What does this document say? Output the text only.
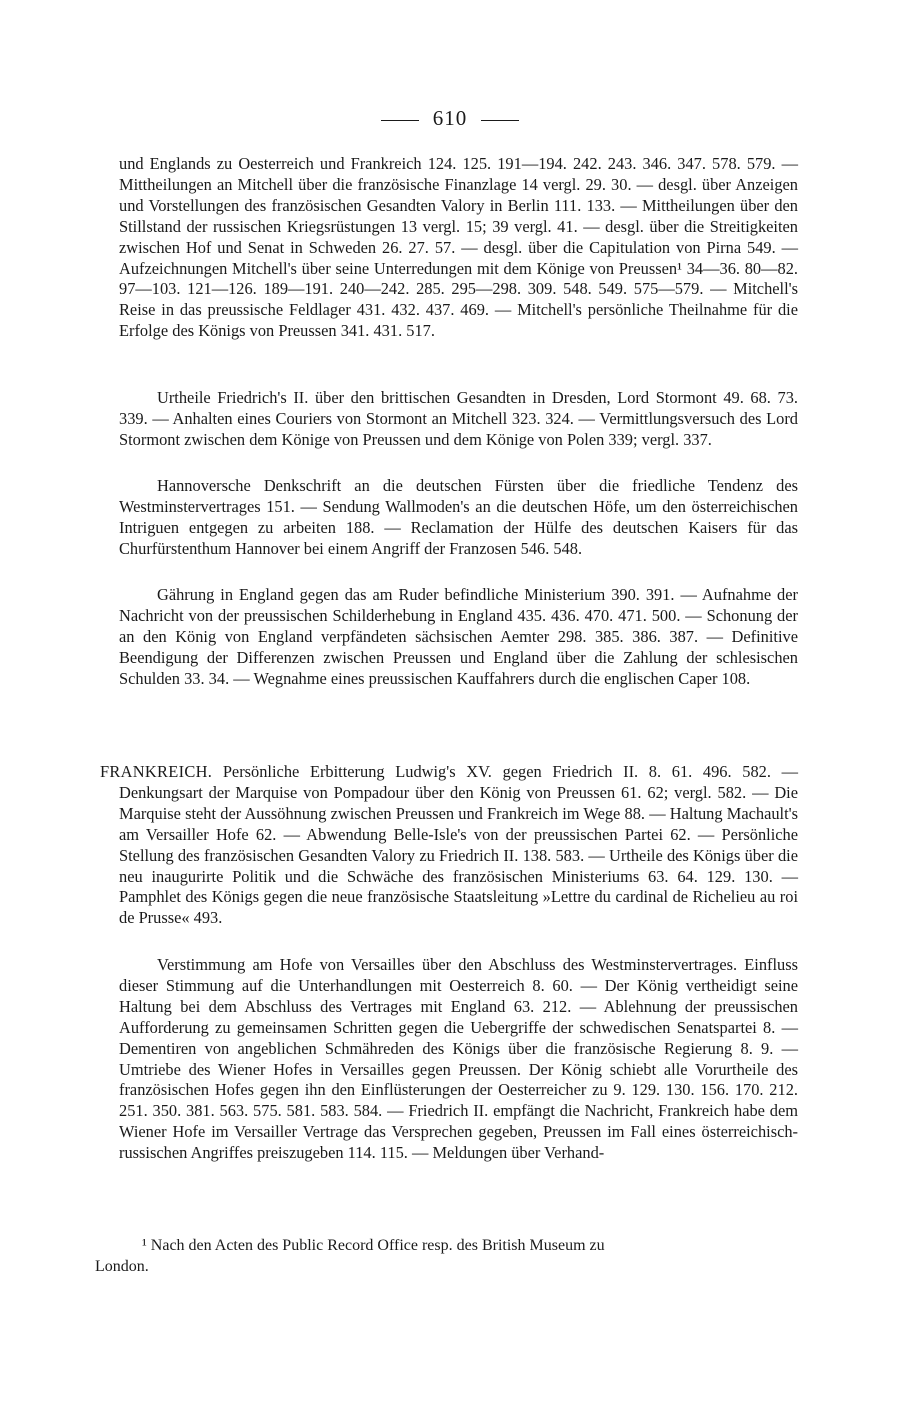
610

und Englands zu Oesterreich und Frankreich 124. 125. 191—194. 242. 243. 346. 347. 578. 579. — Mittheilungen an Mitchell über die französische Finanzlage 14 vergl. 29. 30. — desgl. über Anzeigen und Vorstellungen des französischen Gesandten Valory in Berlin 111. 133. — Mittheilungen über den Stillstand der russischen Kriegsrüstungen 13 vergl. 15; 39 vergl. 41. — desgl. über die Streitigkeiten zwischen Hof und Senat in Schweden 26. 27. 57. — desgl. über die Capitulation von Pirna 549. — Aufzeichnungen Mitchell's über seine Unterredungen mit dem Könige von Preussen¹ 34—36. 80—82. 97—103. 121—126. 189—191. 240—242. 285. 295—298. 309. 548. 549. 575—579. — Mitchell's Reise in das preussische Feldlager 431. 432. 437. 469. — Mitchell's persönliche Theilnahme für die Erfolge des Königs von Preussen 341. 431. 517.

Urtheile Friedrich's II. über den brittischen Gesandten in Dresden, Lord Stormont 49. 68. 73. 339. — Anhalten eines Couriers von Stormont an Mitchell 323. 324. — Vermittlungsversuch des Lord Stormont zwischen dem Könige von Preussen und dem Könige von Polen 339; vergl. 337.

Hannoversche Denkschrift an die deutschen Fürsten über die friedliche Tendenz des Westminstervertrages 151. — Sendung Wallmoden's an die deutschen Höfe, um den österreichischen Intriguen entgegen zu arbeiten 188. — Reclamation der Hülfe des deutschen Kaisers für das Churfürstenthum Hannover bei einem Angriff der Franzosen 546. 548.

Gährung in England gegen das am Ruder befindliche Ministerium 390. 391. — Aufnahme der Nachricht von der preussischen Schilderhebung in England 435. 436. 470. 471. 500. — Schonung der an den König von England verpfändeten sächsischen Aemter 298. 385. 386. 387. — Definitive Beendigung der Differenzen zwischen Preussen und England über die Zahlung der schlesischen Schulden 33. 34. — Wegnahme eines preussischen Kauffahrers durch die englischen Caper 108.

FRANKREICH. Persönliche Erbitterung Ludwig's XV. gegen Friedrich II. 8. 61. 496. 582. — Denkungsart der Marquise von Pompadour über den König von Preussen 61. 62; vergl. 582. — Die Marquise steht der Aussöhnung zwischen Preussen und Frankreich im Wege 88. — Haltung Machault's am Versailler Hofe 62. — Abwendung Belle-Isle's von der preussischen Partei 62. — Persönliche Stellung des französischen Gesandten Valory zu Friedrich II. 138. 583. — Urtheile des Königs über die neu inaugurirte Politik und die Schwäche des französischen Ministeriums 63. 64. 129. 130. — Pamphlet des Königs gegen die neue französische Staatsleitung »Lettre du cardinal de Richelieu au roi de Prusse« 493.

Verstimmung am Hofe von Versailles über den Abschluss des Westminstervertrages. Einfluss dieser Stimmung auf die Unterhandlungen mit Oesterreich 8. 60. — Der König vertheidigt seine Haltung bei dem Abschluss des Vertrages mit England 63. 212. — Ablehnung der preussischen Aufforderung zu gemeinsamen Schritten gegen die Uebergriffe der schwedischen Senatspartei 8. — Dementiren von angeblichen Schmähreden des Königs über die französische Regierung 8. 9. — Umtriebe des Wiener Hofes in Versailles gegen Preussen. Der König schiebt alle Vorurtheile des französischen Hofes gegen ihn den Einflüsterungen der Oesterreicher zu 9. 129. 130. 156. 170. 212. 251. 350. 381. 563. 575. 581. 583. 584. — Friedrich II. empfängt die Nachricht, Frankreich habe dem Wiener Hofe im Versailler Vertrage das Versprechen gegeben, Preussen im Fall eines österreichisch-russischen Angriffes preiszugeben 114. 115. — Meldungen über Verhand-

¹ Nach den Acten des Public Record Office resp. des British Museum zu
London.
